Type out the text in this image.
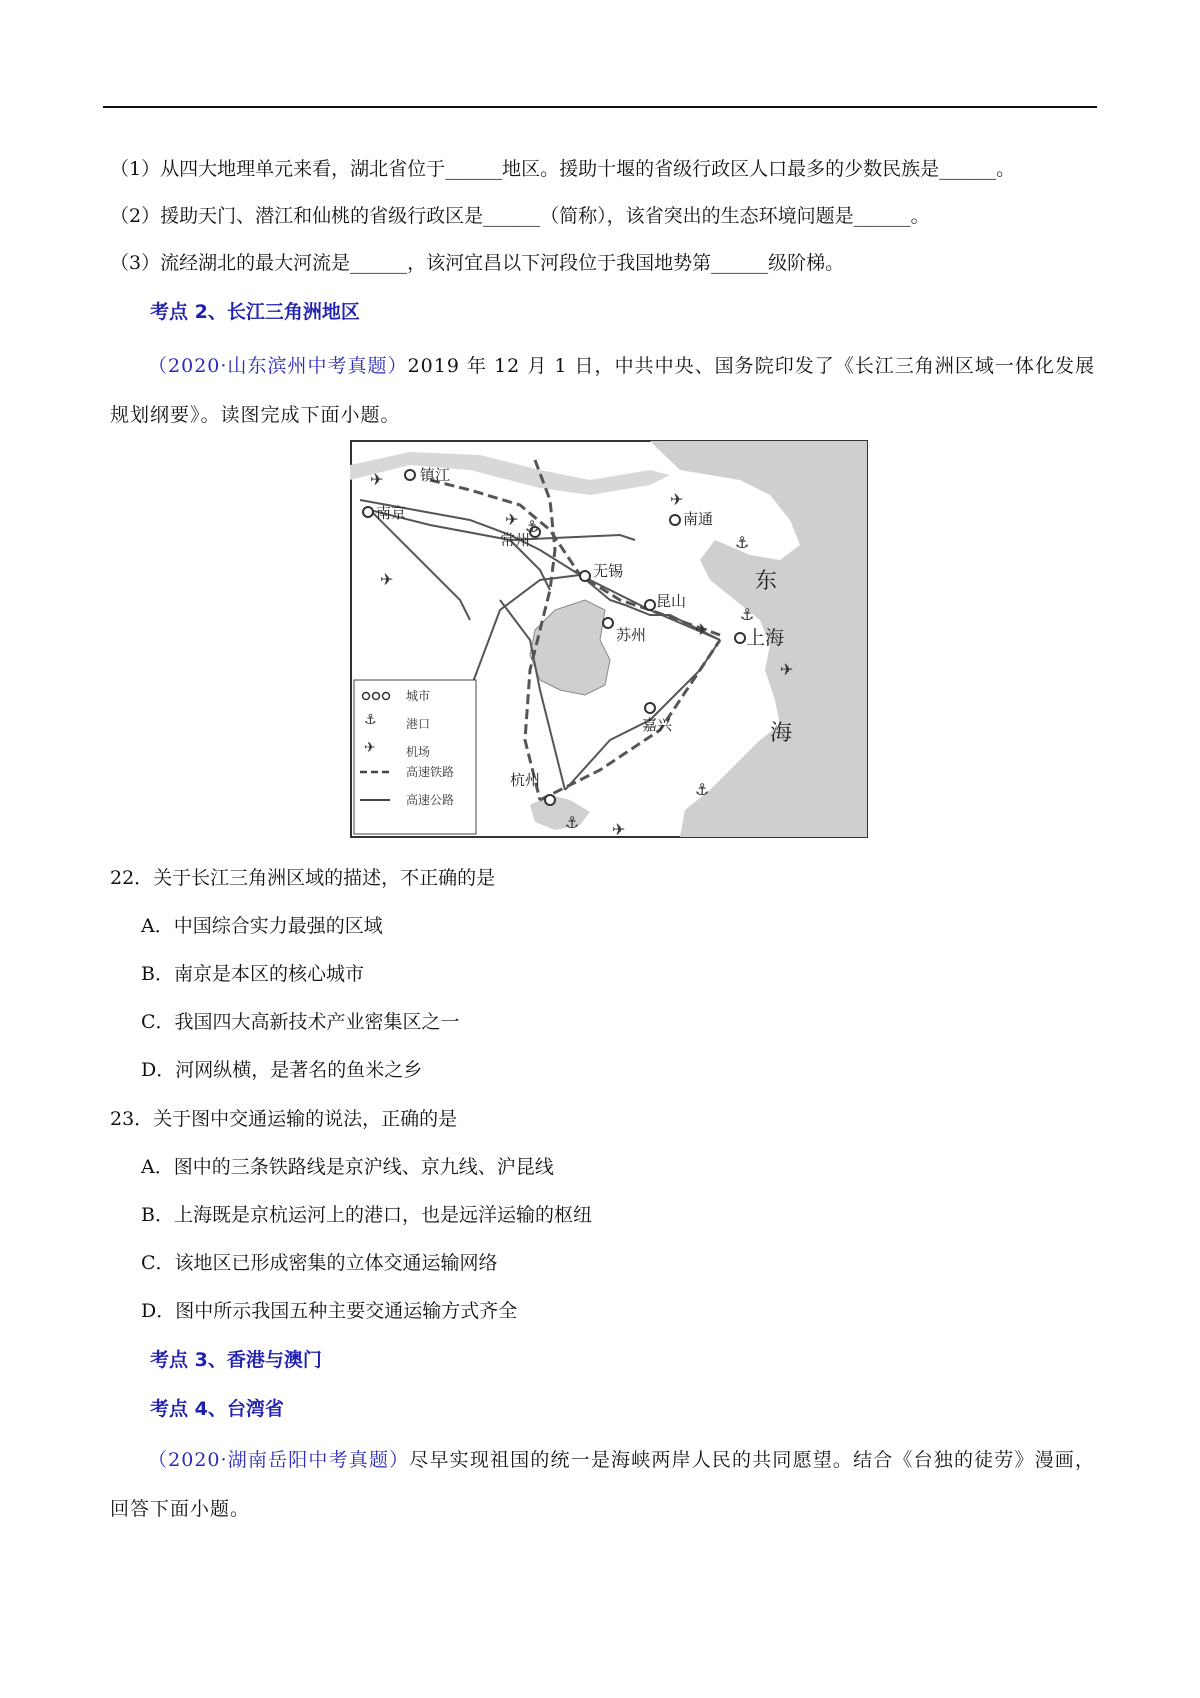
（1）从四大地理单元来看，湖北省位于______地区。援助十堰的省级行政区人口最多的少数民族是______。
（2）援助天门、潜江和仙桃的省级行政区是______（简称），该省突出的生态环境问题是______。
（3）流经湖北的最大河流是______，该河宜昌以下河段位于我国地势第______级阶梯。
考点 2、长江三角洲地区
（2020·山东滨州中考真题）2019 年 12 月 1 日，中共中央、国务院印发了《长江三角洲区域一体化发展规划纲要》。读图完成下面小题。
镇江
南京
常州
无锡
南通
昆山
苏州	上海
嘉兴
杭州
东
海
✈
✈
✈
✈
✈
✈
✈
⚓
⚓
⚓
⚓
⚓
⚓
✈
城市
港口
机场
高速铁路
高速公路
22．关于长江三角洲区域的描述，不正确的是
A．中国综合实力最强的区域
B．南京是本区的核心城市
C．我国四大高新技术产业密集区之一
D．河网纵横，是著名的鱼米之乡
23．关于图中交通运输的说法，正确的是
A．图中的三条铁路线是京沪线、京九线、沪昆线
B．上海既是京杭运河上的港口，也是远洋运输的枢纽
C．该地区已形成密集的立体交通运输网络
D．图中所示我国五种主要交通运输方式齐全
考点 3、香港与澳门
考点 4、台湾省
（2020·湖南岳阳中考真题）尽早实现祖国的统一是海峡两岸人民的共同愿望。结合《台独的徒劳》漫画，回答下面小题。
